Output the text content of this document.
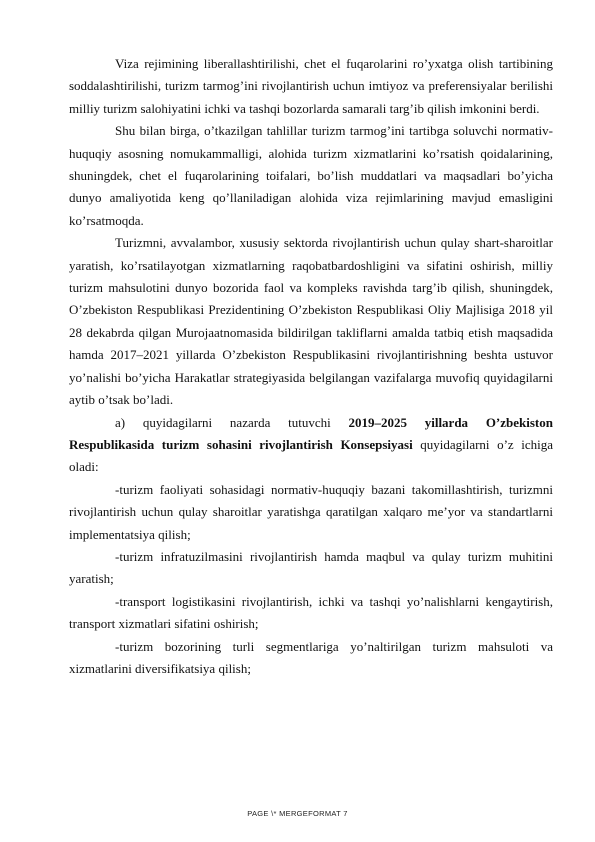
Viza rejimining liberallashtirilishi, chet el fuqarolarini ro’yxatga olish tartibining soddalashtirilishi, turizm tarmog’ini rivojlantirish uchun imtiyoz va preferensiyalar berilishi milliy turizm salohiyatini ichki va tashqi bozorlarda samarali targ’ib qilish imkonini berdi.

Shu bilan birga, o’tkazilgan tahlillar turizm tarmog’ini tartibga soluvchi normativ-huquqiy asosning nomukammalligi, alohida turizm xizmatlarini ko’rsatish qoidalarining, shuningdek, chet el fuqarolarining toifalari, bo’lish muddatlari va maqsadlari bo’yicha dunyo amaliyotida keng qo’llaniladigan alohida viza rejimlarining mavjud emasligini ko’rsatmoqda.

Turizmni, avvalambor, xususiy sektorda rivojlantirish uchun qulay shart-sharoitlar yaratish, ko’rsatilayotgan xizmatlarning raqobatbardoshligini va sifatini oshirish, milliy turizm mahsulotini dunyo bozorida faol va kompleks ravishda targ’ib qilish, shuningdek, O’zbekiston Respublikasi Prezidentining O’zbekiston Respublikasi Oliy Majlisiga 2018 yil 28 dekabrda qilgan Murojaatnomasida bildirilgan takliflarni amalda tatbiq etish maqsadida hamda 2017–2021 yillarda O’zbekiston Respublikasini rivojlantirishning beshta ustuvor yo’nalishi bo’yicha Harakatlar strategiyasida belgilangan vazifalarga muvofiq quyidagilarni aytib o’tsak bo’ladi.

a) quyidagilarni nazarda tutuvchi 2019–2025 yillarda O’zbekiston Respublikasida turizm sohasini rivojlantirish Konsepsiyasi quyidagilarni o’z ichiga oladi:

-turizm faoliyati sohasidagi normativ-huquqiy bazani takomillashtirish, turizmni rivojlantirish uchun qulay sharoitlar yaratishga qaratilgan xalqaro me’yor va standartlarni implementatsiya qilish;

-turizm infratuzilmasini rivojlantirish hamda maqbul va qulay turizm muhitini yaratish;

-transport logistikasini rivojlantirish, ichki va tashqi yo’nalishlarni kengaytirish, transport xizmatlari sifatini oshirish;

-turizm bozorining turli segmentlariga yo’naltirilgan turizm mahsuloti va xizmatlarini diversifikatsiya qilish;

PAGE \* MERGEFORMAT 7
